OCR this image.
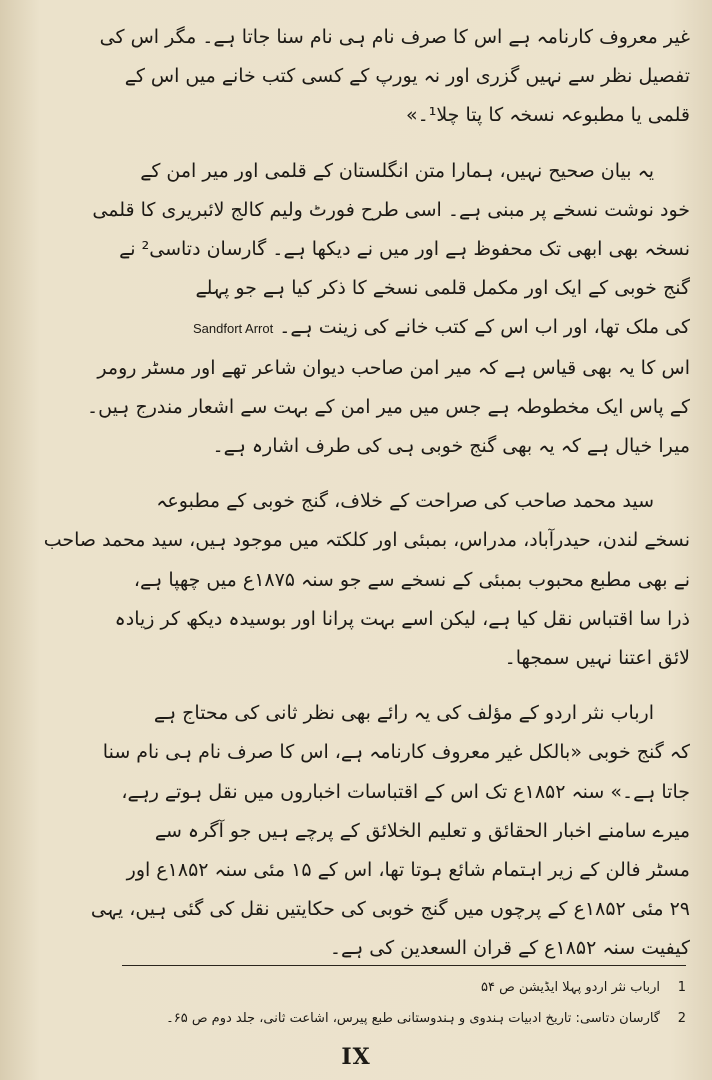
غیر معروف کارنامہ ہے اس کا صرف نام ہی نام سنا جاتا ہے۔ مگر اس کی
تفصیل نظر سے نہیں گزری اور نہ یورپ کے کسی کتب خانے میں اس کے
قلمی یا مطبوعہ نسخہ کا پتا چلا¹۔»

یہ بیان صحیح نہیں، ہمارا متن انگلستان کے قلمی اور میر امن کے
خود نوشت نسخے پر مبنی ہے۔ اسی طرح فورٹ ولیم کالج لائبریری کا قلمی
نسخہ بھی ابھی تک محفوظ ہے اور میں نے دیکھا ہے۔ گارسان دتاسی² نے
گنج خوبی کے ایک اور مکمل قلمی نسخے کا ذکر کیا ہے جو پہلے
کی ملک تھا، اور اب اس کے کتب خانے کی زینت ہے۔ Sandfort Arrot
اس کا یہ بھی قیاس ہے کہ میر امن صاحب دیوان شاعر تھے اور مسٹر رومر
کے پاس ایک مخطوطہ ہے جس میں میر امن کے بہت سے اشعار مندرج ہیں۔
میرا خیال ہے کہ یہ بھی گنج خوبی ہی کی طرف اشارہ ہے۔

سید محمد صاحب کی صراحت کے خلاف، گنج خوبی کے مطبوعہ
نسخے لندن، حیدرآباد، مدراس، بمبئی اور کلکتہ میں موجود ہیں، سید محمد صاحب
نے بھی مطبع محبوب بمبئی کے نسخے سے جو سنہ ۱۸۷۵ع میں چھپا ہے،
ذرا سا اقتباس نقل کیا ہے، لیکن اسے بہت پرانا اور بوسیدہ دیکھ کر زیادہ
لائق اعتنا نہیں سمجھا۔

ارباب نثر اردو کے مؤلف کی یہ رائے بھی نظر ثانی کی محتاج ہے
کہ گنج خوبی «بالکل غیر معروف کارنامہ ہے، اس کا صرف نام ہی نام سنا
جاتا ہے۔» سنہ ۱۸۵۲ع تک اس کے اقتباسات اخباروں میں نقل ہوتے رہے،
میرے سامنے اخبار الحقائق و تعلیم الخلائق کے پرچے ہیں جو آگرہ سے
مسٹر فالن کے زیر اہتمام شائع ہوتا تھا، اس کے ۱۵ مئی سنہ ۱۸۵۲ع اور
۲۹ مئی ۱۸۵۲ع کے پرچوں میں گنج خوبی کی حکایتیں نقل کی گئی ہیں، یہی
کیفیت سنہ ۱۸۵۲ع کے قران السعدین کی ہے۔

1ارباب نثر اردو پہلا ایڈیشن ص ۵۴
2گارسان دتاسی: تاریخ ادبیات ہندوی و ہندوستانی طبع پیرس، اشاعت ثانی، جلد دوم ص ۶۵۔
IX
